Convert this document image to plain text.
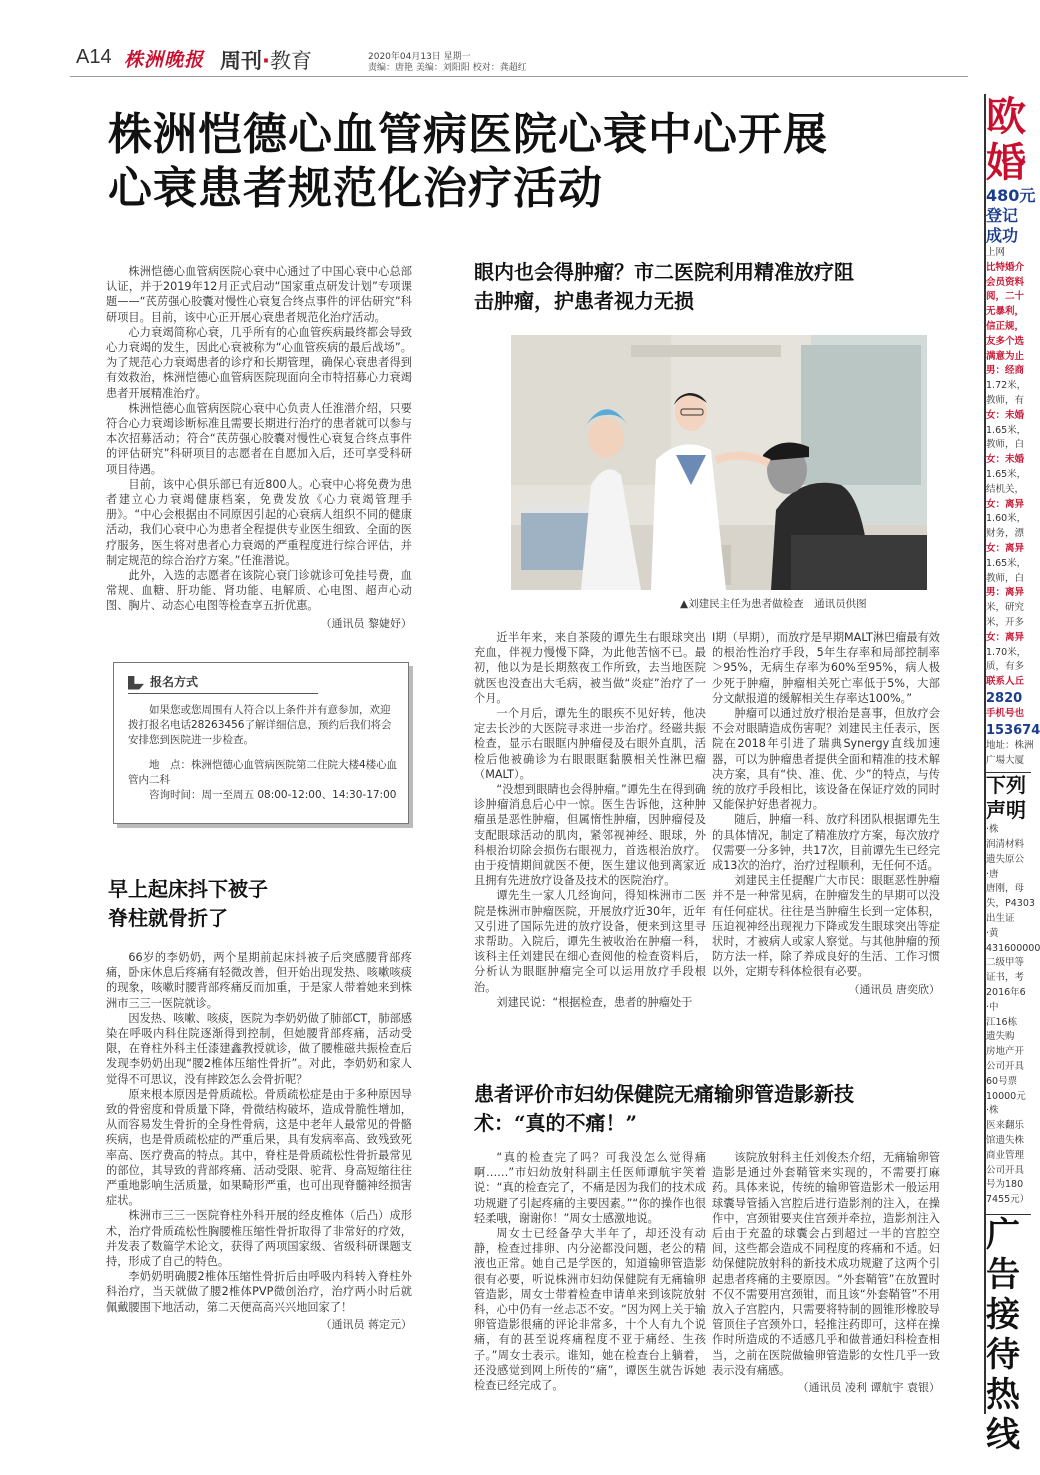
A14 株洲晚报 周刊·教育	2020年04月13日 星期一
责编：唐艳 美编：刘阳阳 校对：龚超红
株洲恺德心血管病医院心衰中心开展
心衰患者规范化治疗活动

株洲恺德心血管病医院心衰中心通过了中国心衰中心总部认证，并于2019年12月正式启动“国家重点研发计划”专项课题——“芪苈强心胶囊对慢性心衰复合终点事件的评估研究”科研项目。目前，该中心正开展心衰患者规范化治疗活动。

心力衰竭简称心衰，几乎所有的心血管疾病最终都会导致心力衰竭的发生，因此心衰被称为“心血管疾病的最后战场”。为了规范心力衰竭患者的诊疗和长期管理，确保心衰患者得到有效救治，株洲恺德心血管病医院现面向全市特招募心力衰竭患者开展精准治疗。

株洲恺德心血管病医院心衰中心负责人任淮潜介绍，只要符合心力衰竭诊断标准且需要长期进行治疗的患者就可以参与本次招募活动；符合“芪苈强心胶囊对慢性心衰复合终点事件的评估研究”科研项目的志愿者在自愿加入后，还可享受科研项目待遇。

目前，该中心俱乐部已有近800人。心衰中心将免费为患者建立心力衰竭健康档案，免费发放《心力衰竭管理手册》。“中心会根据由不同原因引起的心衰病人组织不同的健康活动，我们心衰中心为患者全程提供专业医生细致、全面的医疗服务，医生将对患者心力衰竭的严重程度进行综合评估，并制定规范的综合治疗方案。”任淮潜说。

此外，入选的志愿者在该院心衰门诊就诊可免挂号费，血常规、血糖、肝功能、肾功能、电解质、心电图、超声心动图、胸片、动态心电图等检查享五折优惠。

（通讯员 黎婕妤）
报名方式

如果您或您周围有人符合以上条件并有意参加，欢迎拨打报名电话28263456了解详细信息，预约后我们将会安排您到医院进一步检查。

地　点：株洲恺德心血管病医院第二住院大楼4楼心血管内二科

咨询时间：周一至周五 08:00-12:00、14:30-17:00

早上起床抖下被子
脊柱就骨折了

66岁的李奶奶，两个星期前起床抖被子后突感腰背部疼痛，卧床休息后疼痛有轻微改善，但开始出现发热、咳嗽咳痰的现象，咳嗽时腰背部疼痛反而加重，于是家人带着她来到株洲市三三一医院就诊。

因发热、咳嗽、咳痰，医院为李奶奶做了肺部CT，肺部感染在呼吸内科住院逐渐得到控制，但她腰背部疼痛，活动受限，在脊柱外科主任漆建鑫教授就诊，做了腰椎磁共振检查后发现李奶奶出现“腰2椎体压缩性骨折”。对此，李奶奶和家人觉得不可思议，没有摔跤怎么会骨折呢？

原来根本原因是骨质疏松。骨质疏松症是由于多种原因导致的骨密度和骨质量下降，骨微结构破坏，造成骨脆性增加，从而容易发生骨折的全身性骨病，这是中老年人最常见的骨骼疾病，也是骨质疏松症的严重后果，具有发病率高、致残致死率高、医疗费高的特点。其中，脊柱是骨质疏松性骨折最常见的部位，其导致的背部疼痛、活动受限、驼背、身高短缩往往严重地影响生活质量，如果畸形严重，也可出现脊髓神经损害症状。

株洲市三三一医院脊柱外科开展的经皮椎体（后凸）成形术，治疗骨质疏松性胸腰椎压缩性骨折取得了非常好的疗效，并发表了数篇学术论文，获得了两项国家级、省级科研课题支持，形成了自己的特色。

李奶奶明确腰2椎体压缩性骨折后由呼吸内科转入脊柱外科治疗，当天就做了腰2椎体PVP微创治疗，治疗两小时后就佩戴腰围下地活动，第二天便高高兴兴地回家了！

（通讯员 蒋定元）
眼内也会得肿瘤？市二医院利用精准放疗阻
击肿瘤，护患者视力无损
▲刘建民主任为患者做检查　通讯员供图

近半年来，来自茶陵的谭先生右眼球突出充血，伴视力慢慢下降，为此他苦恼不已。最初，他以为是长期熬夜工作所致，去当地医院就医也没查出大毛病，被当做“炎症”治疗了一个月。

一个月后，谭先生的眼疾不见好转，他决定去长沙的大医院寻求进一步治疗。经磁共振检查，显示右眼眶内肿瘤侵及右眼外直肌，活检后他被确诊为右眼眼眶黏膜相关性淋巴瘤（MALT）。

“没想到眼睛也会得肿瘤。”谭先生在得到确诊肿瘤消息后心中一惊。医生告诉他，这种肿瘤虽是恶性肿瘤，但属惰性肿瘤，因肿瘤侵及支配眼球活动的肌肉，紧邻视神经、眼球，外科根治切除会损伤右眼视力，首选根治放疗。由于疫情期间就医不便，医生建议他到离家近且拥有先进放疗设备及技术的医院治疗。

谭先生一家人几经询问，得知株洲市二医院是株洲市肿瘤医院，开展放疗近30年，近年又引进了国际先进的放疗设备，便来到这里寻求帮助。入院后，谭先生被收治在肿瘤一科，该科主任刘建民在细心查阅他的检查资料后，分析认为眼眶肿瘤完全可以运用放疗手段根治。

刘建民说：“根据检查，患者的肿瘤处于

Ⅰ期（早期），而放疗是早期MALT淋巴瘤最有效的根治性治疗手段，5年生存率和局部控制率＞95%，无病生存率为60%至95%，病人极少死于肿瘤，肿瘤相关死亡率低于5%，大部分文献报道的缓解相关生存率达100%。”

肿瘤可以通过放疗根治是喜事，但放疗会不会对眼睛造成伤害呢？刘建民主任表示，医院在2018年引进了瑞典Synergy直线加速器，可以为肿瘤患者提供全面和精准的技术解决方案，具有“快、准、优、少”的特点，与传统的放疗手段相比，该设备在保证疗效的同时又能保护好患者视力。

随后，肿瘤一科、放疗科团队根据谭先生的具体情况，制定了精准放疗方案，每次放疗仅需要一分多钟，共17次，目前谭先生已经完成13次的治疗，治疗过程顺利，无任何不适。

刘建民主任提醒广大市民：眼眶恶性肿瘤并不是一种常见病，在肿瘤发生的早期可以没有任何症状。往往是当肿瘤生长到一定体积，压迫视神经出现视力下降或发生眼球突出等症状时，才被病人或家人察觉。与其他肿瘤的预防方法一样，除了养成良好的生活、工作习惯以外，定期专科体检很有必要。

（通讯员 唐奕欣）
患者评价市妇幼保健院无痛输卵管造影新技
术：“真的不痛！”

“真的检查完了吗？可我没怎么觉得痛啊……”市妇幼放射科副主任医师谭航宇笑着说：“真的检查完了，不痛是因为我们的技术成功规避了引起疼痛的主要因素。”“你的操作也很轻柔哦，谢谢你！”周女士感激地说。

周女士已经备孕大半年了，却还没有动静，检查过排卵、内分泌都没问题，老公的精液也正常。她自己是学医的，知道输卵管造影很有必要，听说株洲市妇幼保健院有无痛输卵管造影，周女士带着检查申请单来到该院放射科，心中仍有一丝忐忑不安。“因为网上关于输卵管造影很痛的评论非常多，十个人有九个说痛，有的甚至说疼痛程度不亚于痛经、生孩子。”周女士表示。谁知，她在检查台上躺着，还没感觉到网上所传的“痛”，谭医生就告诉她检查已经完成了。

该院放射科主任刘俊杰介绍，无痛输卵管造影是通过外套鞘管来实现的，不需要打麻药。具体来说，传统的输卵管造影术一般运用球囊导管插入宫腔后进行造影剂的注入，在操作中，宫颈钳要夹住宫颈并牵拉，造影剂注入后由于充盈的球囊会占到超过一半的宫腔空间，这些都会造成不同程度的疼痛和不适。妇幼保健院放射科的新技术成功规避了这两个引起患者疼痛的主要原因。“外套鞘管”在放置时不仅不需要用宫颈钳，而且该“外套鞘管”不用放入子宫腔内，只需要将特制的圆锥形橡胶导管顶住子宫颈外口，轻推注药即可，这样在操作时所造成的不适感几乎和做普通妇科检查相当，之前在医院做输卵管造影的女性几乎一致表示没有痛感。

（通讯员 凌利 谭航宇 袁银）
欧
婚
480元
登记
成功
上网
比特婚介
会员资料
阅，二十
无暴利，
信正规，
友多个选
满意为止
男：经商
1.72米，
教师，有
女：未婚
1.65米，
教师，白
女：未婚
1.65米，
结机关，
女：离异
1.60米，
财务，漂
女：离异
1.65米，
教师，白
男：离异
米，研究
米，开多
女：离异
1.70米，
质，有多
联系人丘
2820
手机号也
153674
地址：株洲
广場大厦
下列
声明
·株
润清材料
遗失原公
·唐
唐刚，母
失，P4303
出生证
·黄
431600000
二级甲等
证书，考
2016年6
·中
江16栋
遗失购
房地产开
公司开具
60号票
10000元
·株
医来翻乐
馆遗失株
商业管理
公司开具
号为180
7455元）
广
告
接
待
热
线
